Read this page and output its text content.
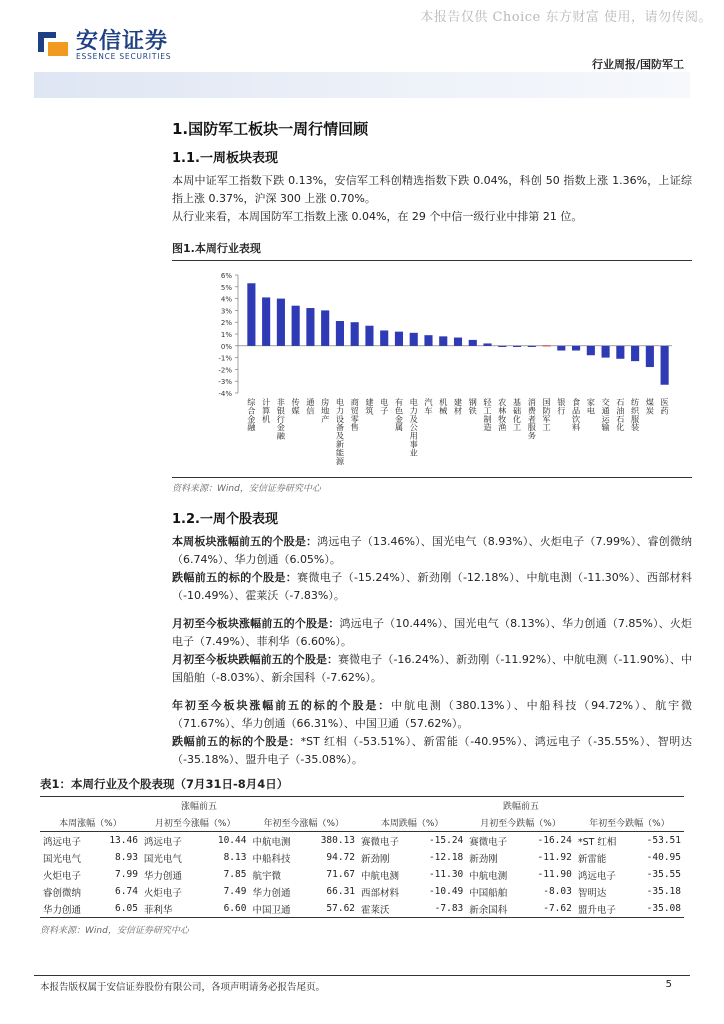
本报告仅供 Choice 东方财富 使用，请勿传阅。
安信证券
ESSENCE SECURITIES
行业周报/国防军工
1.国防军工板块一周行情回顾
1.1.一周板块表现

本周中证军工指数下跌 0.13%，安信军工科创精选指数下跌 0.04%，科创 50 指数上涨 1.36%，上证综指上涨 0.37%，沪深 300 上涨 0.70%。

从行业来看，本周国防军工指数上涨 0.04%，在 29 个中信一级行业中排第 21 位。

图1.本周行业表现
6%
5%
4%
3%
2%
1%
0%
-1%
-2%
-3%
-4%
综合金融
计算机
非银行金融
传媒
通信
房地产
电力设备及新能源
商贸零售
建筑
电子
有色金属
电力及公用事业
汽车
机械
建材
钢铁
轻工制造
农林牧渔
基础化工
消费者服务
国防军工
银行
食品饮料
家电
交通运输
石油石化
纺织服装
煤炭
医药
资料来源：Wind，安信证券研究中心
1.2.一周个股表现

本周板块涨幅前五的个股是：鸿远电子（13.46%）、国光电气（8.93%）、火炬电子（7.99%）、睿创微纳（6.74%）、华力创通（6.05%）。

跌幅前五的标的个股是：赛微电子（-15.24%）、新劲刚（-12.18%）、中航电测（-11.30%）、西部材料（-10.49%）、霍莱沃（-7.83%）。

月初至今板块涨幅前五的个股是：鸿远电子（10.44%）、国光电气（8.13%）、华力创通（7.85%）、火炬电子（7.49%）、菲利华（6.60%）。

月初至今板块跌幅前五的个股是：赛微电子（-16.24%）、新劲刚（-11.92%）、中航电测（-11.90%）、中国船舶（-8.03%）、新余国科（-7.62%）。

年初至今板块涨幅前五的标的个股是：中航电测（380.13%）、中船科技（94.72%）、航宇微（71.67%）、华力创通（66.31%）、中国卫通（57.62%）。

跌幅前五的标的个股是：*ST 红相（-53.51%）、新雷能（-40.95%）、鸿远电子（-35.55%）、智明达（-35.18%）、盟升电子（-35.08%）。

表1：本周行业及个股表现（7月31日-8月4日）
涨幅前五						跌幅前五					
本周涨幅（%）		月初至今涨幅（%）		年初至今涨幅（%）		本周跌幅（%）		月初至今跌幅（%）		年初至今跌幅（%）	
鸿远电子	13.46	鸿远电子	10.44	中航电测	380.13	赛微电子	-15.24	赛微电子	-16.24	*ST 红相	-53.51
国光电气	8.93	国光电气	8.13	中船科技	94.72	新劲刚	-12.18	新劲刚	-11.92	新雷能	-40.95
火炬电子	7.99	华力创通	7.85	航宇微	71.67	中航电测	-11.30	中航电测	-11.90	鸿远电子	-35.55
睿创微纳	6.74	火炬电子	7.49	华力创通	66.31	西部材料	-10.49	中国船舶	-8.03	智明达	-35.18
华力创通	6.05	菲利华	6.60	中国卫通	57.62	霍莱沃	-7.83	新余国科	-7.62	盟升电子	-35.08
资料来源：Wind，安信证券研究中心
本报告版权属于安信证券股份有限公司，各项声明请务必报告尾页。	5
